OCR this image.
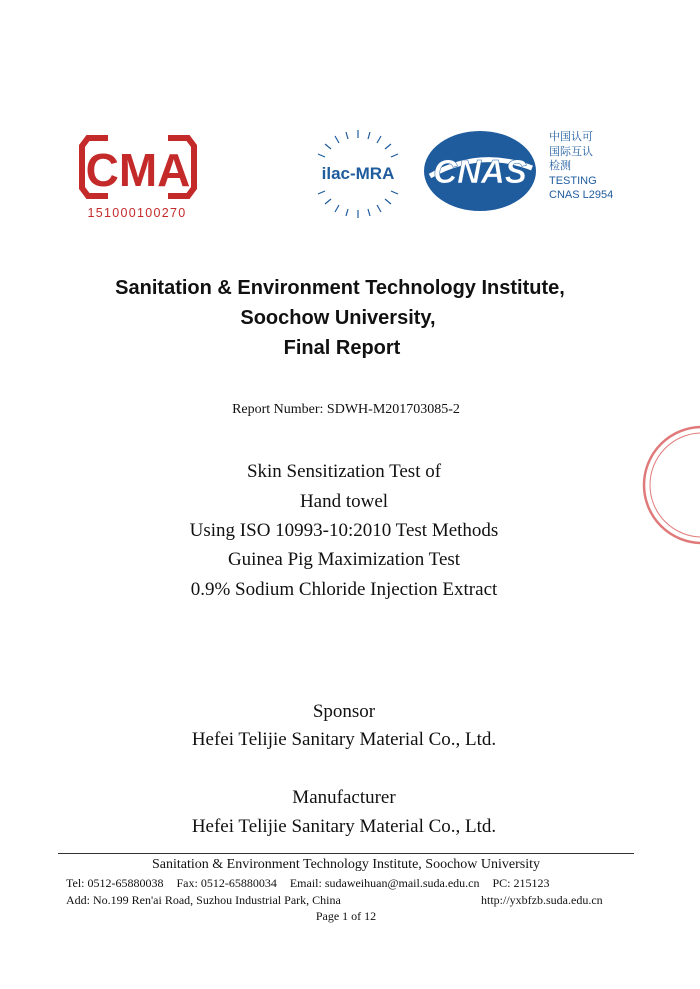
CMA
151000100270
ilac-MRA CNAS
中国认可
国际互认
检测
TESTING
CNAS L2954
Sanitation & Environment Technology Institute,
Soochow University,
Final Report
Report Number: SDWH-M201703085-2
Skin Sensitization Test of
Hand towel
Using ISO 10993-10:2010 Test Methods
Guinea Pig Maximization Test
0.9% Sodium Chloride Injection Extract
Sponsor
Hefei Telijie Sanitary Material Co., Ltd.
Manufacturer
Hefei Telijie Sanitary Material Co., Ltd.
Sanitation & Environment Technology Institute, Soochow University
Tel: 0512-65880038 Fax: 0512-65880034 Email: sudaweihuan@mail.suda.edu.cn PC: 215123
Add: No.199 Ren'ai Road, Suzhou Industrial Park, China	http://yxbfzb.suda.edu.cn
Page 1 of 12
